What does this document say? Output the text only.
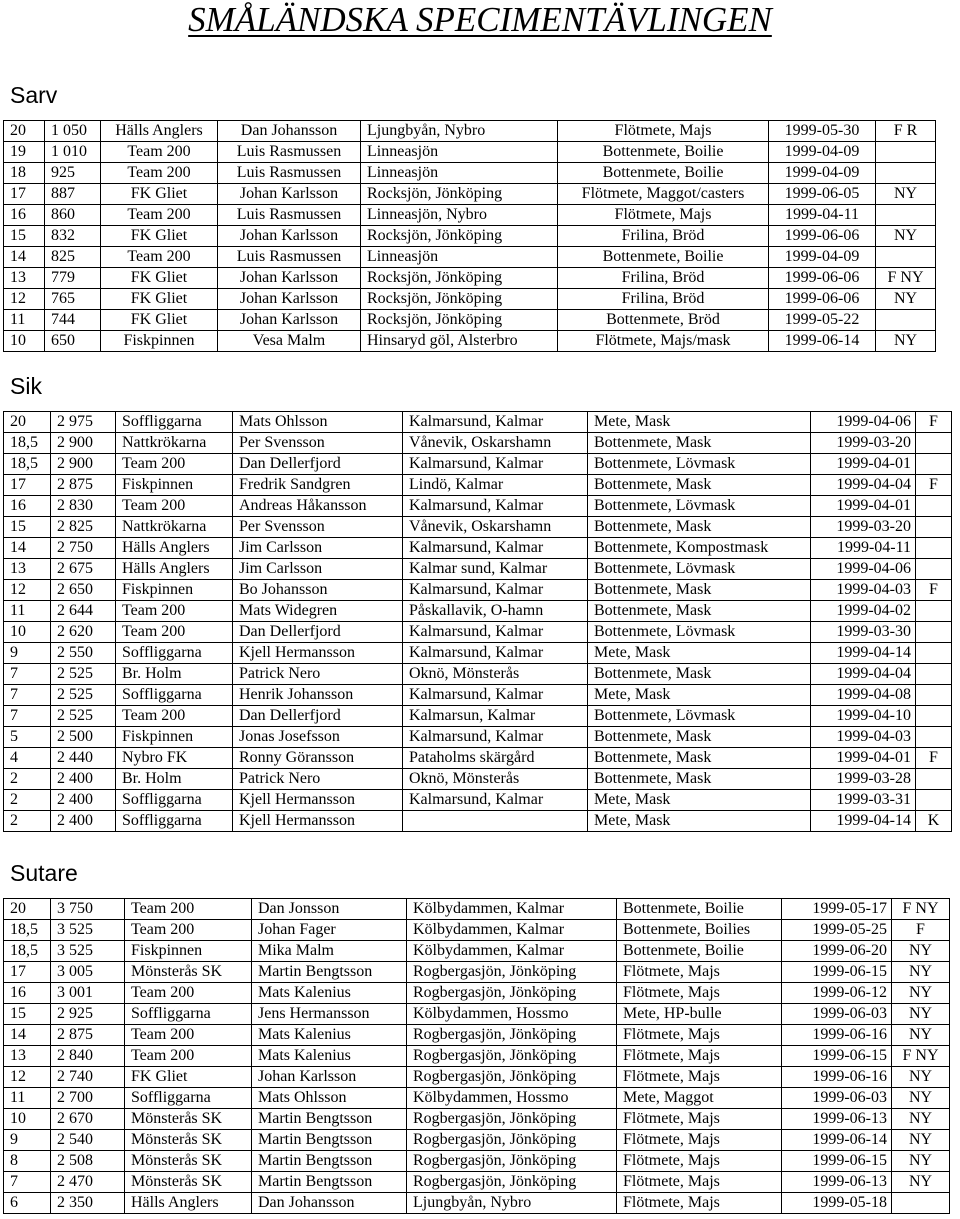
SMÅLÄNDSKA SPECIMENTÄVLINGEN
Sarv
20	1 050	Hälls Anglers	Dan Johansson	Ljungbyån, Nybro	Flötmete, Majs	1999-05-30	F R
19	1 010	Team 200	Luis Rasmussen	Linneasjön	Bottenmete, Boilie	1999-04-09	
18	925	Team 200	Luis Rasmussen	Linneasjön	Bottenmete, Boilie	1999-04-09	
17	887	FK Gliet	Johan Karlsson	Rocksjön, Jönköping	Flötmete, Maggot/casters	1999-06-05	NY
16	860	Team 200	Luis Rasmussen	Linneasjön, Nybro	Flötmete, Majs	1999-04-11	
15	832	FK Gliet	Johan Karlsson	Rocksjön, Jönköping	Frilina, Bröd	1999-06-06	NY
14	825	Team 200	Luis Rasmussen	Linneasjön	Bottenmete, Boilie	1999-04-09	
13	779	FK Gliet	Johan Karlsson	Rocksjön, Jönköping	Frilina, Bröd	1999-06-06	F NY
12	765	FK Gliet	Johan Karlsson	Rocksjön, Jönköping	Frilina, Bröd	1999-06-06	NY
11	744	FK Gliet	Johan Karlsson	Rocksjön, Jönköping	Bottenmete, Bröd	1999-05-22	
10	650	Fiskpinnen	Vesa Malm	Hinsaryd göl, Alsterbro	Flötmete, Majs/mask	1999-06-14	NY
Sik
20	2 975	Soffliggarna	Mats Ohlsson	Kalmarsund, Kalmar	Mete, Mask	1999-04-06	F
18,5	2 900	Nattkrökarna	Per Svensson	Vånevik, Oskarshamn	Bottenmete, Mask	1999-03-20	
18,5	2 900	Team 200	Dan Dellerfjord	Kalmarsund, Kalmar	Bottenmete, Lövmask	1999-04-01	
17	2 875	Fiskpinnen	Fredrik Sandgren	Lindö, Kalmar	Bottenmete, Mask	1999-04-04	F
16	2 830	Team 200	Andreas Håkansson	Kalmarsund, Kalmar	Bottenmete, Lövmask	1999-04-01	
15	2 825	Nattkrökarna	Per Svensson	Vånevik, Oskarshamn	Bottenmete, Mask	1999-03-20	
14	2 750	Hälls Anglers	Jim Carlsson	Kalmarsund, Kalmar	Bottenmete, Kompostmask	1999-04-11	
13	2 675	Hälls Anglers	Jim Carlsson	Kalmar sund, Kalmar	Bottenmete, Lövmask	1999-04-06	
12	2 650	Fiskpinnen	Bo Johansson	Kalmarsund, Kalmar	Bottenmete, Mask	1999-04-03	F
11	2 644	Team 200	Mats Widegren	Påskallavik, O-hamn	Bottenmete, Mask	1999-04-02	
10	2 620	Team 200	Dan Dellerfjord	Kalmarsund, Kalmar	Bottenmete, Lövmask	1999-03-30	
9	2 550	Soffliggarna	Kjell Hermansson	Kalmarsund, Kalmar	Mete, Mask	1999-04-14	
7	2 525	Br. Holm	Patrick Nero	Oknö, Mönsterås	Bottenmete, Mask	1999-04-04	
7	2 525	Soffliggarna	Henrik Johansson	Kalmarsund, Kalmar	Mete, Mask	1999-04-08	
7	2 525	Team 200	Dan Dellerfjord	Kalmarsun, Kalmar	Bottenmete, Lövmask	1999-04-10	
5	2 500	Fiskpinnen	Jonas Josefsson	Kalmarsund, Kalmar	Bottenmete, Mask	1999-04-03	
4	2 440	Nybro FK	Ronny Göransson	Pataholms skärgård	Bottenmete, Mask	1999-04-01	F
2	2 400	Br. Holm	Patrick Nero	Oknö, Mönsterås	Bottenmete, Mask	1999-03-28	
2	2 400	Soffliggarna	Kjell Hermansson	Kalmarsund, Kalmar	Mete, Mask	1999-03-31	
2	2 400	Soffliggarna	Kjell Hermansson		Mete, Mask	1999-04-14	K
Sutare
20	3 750	Team 200	Dan Jonsson	Kölbydammen, Kalmar	Bottenmete, Boilie	1999-05-17	F NY
18,5	3 525	Team 200	Johan Fager	Kölbydammen, Kalmar	Bottenmete, Boilies	1999-05-25	F
18,5	3 525	Fiskpinnen	Mika Malm	Kölbydammen, Kalmar	Bottenmete, Boilie	1999-06-20	NY
17	3 005	Mönsterås SK	Martin Bengtsson	Rogbergasjön, Jönköping	Flötmete, Majs	1999-06-15	NY
16	3 001	Team 200	Mats Kalenius	Rogbergasjön, Jönköping	Flötmete, Majs	1999-06-12	NY
15	2 925	Soffliggarna	Jens Hermansson	Kölbydammen, Hossmo	Mete, HP-bulle	1999-06-03	NY
14	2 875	Team 200	Mats Kalenius	Rogbergasjön, Jönköping	Flötmete, Majs	1999-06-16	NY
13	2 840	Team 200	Mats Kalenius	Rogbergasjön, Jönköping	Flötmete, Majs	1999-06-15	F NY
12	2 740	FK Gliet	Johan Karlsson	Rogbergasjön, Jönköping	Flötmete, Majs	1999-06-16	NY
11	2 700	Soffliggarna	Mats Ohlsson	Kölbydammen, Hossmo	Mete, Maggot	1999-06-03	NY
10	2 670	Mönsterås SK	Martin Bengtsson	Rogbergasjön, Jönköping	Flötmete, Majs	1999-06-13	NY
9	2 540	Mönsterås SK	Martin Bengtsson	Rogbergasjön, Jönköping	Flötmete, Majs	1999-06-14	NY
8	2 508	Mönsterås SK	Martin Bengtsson	Rogbergasjön, Jönköping	Flötmete, Majs	1999-06-15	NY
7	2 470	Mönsterås SK	Martin Bengtsson	Rogbergasjön, Jönköping	Flötmete, Majs	1999-06-13	NY
6	2 350	Hälls Anglers	Dan Johansson	Ljungbyån, Nybro	Flötmete, Majs	1999-05-18	
